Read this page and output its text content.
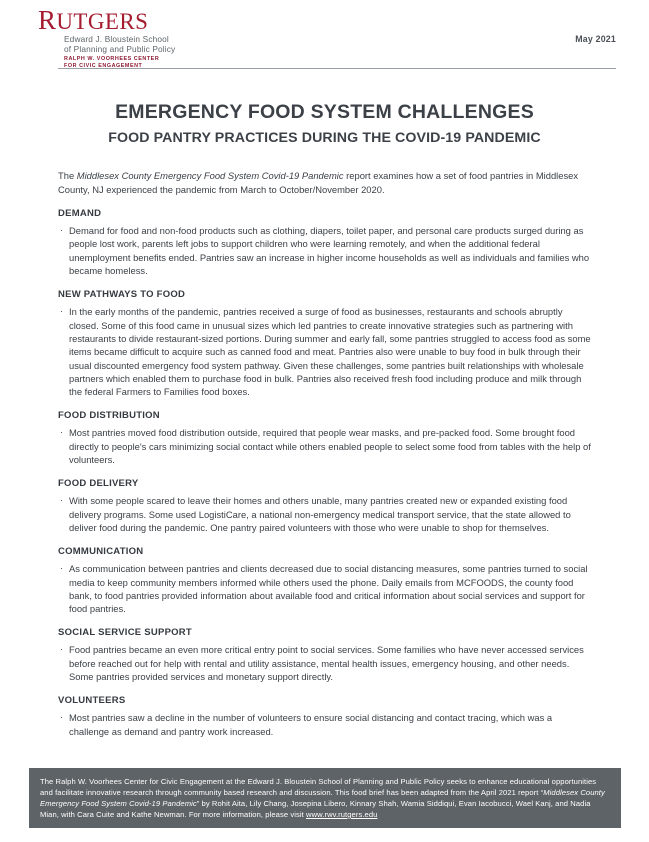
RUTGERS
Edward J. Bloustein School
of Planning and Public Policy
RALPH W. VOORHEES CENTER
FOR CIVIC ENGAGEMENT
May 2021
EMERGENCY FOOD SYSTEM CHALLENGES
FOOD PANTRY PRACTICES DURING THE COVID-19 PANDEMIC

The Middlesex County Emergency Food System Covid-19 Pandemic report examines how a set of food pantries in Middlesex County, NJ experienced the pandemic from March to October/November 2020.

DEMAND
· Demand for food and non-food products such as clothing, diapers, toilet paper, and personal care products surged during as people lost work, parents left jobs to support children who were learning remotely, and when the additional federal unemployment benefits ended. Pantries saw an increase in higher income households as well as individuals and families who became homeless.
NEW PATHWAYS TO FOOD
· In the early months of the pandemic, pantries received a surge of food as businesses, restaurants and schools abruptly closed. Some of this food came in unusual sizes which led pantries to create innovative strategies such as partnering with restaurants to divide restaurant-sized portions. During summer and early fall, some pantries struggled to access food as some items became difficult to acquire such as canned food and meat. Pantries also were unable to buy food in bulk through their usual discounted emergency food system pathway. Given these challenges, some pantries built relationships with wholesale partners which enabled them to purchase food in bulk. Pantries also received fresh food including produce and milk through the federal Farmers to Families food boxes.
FOOD DISTRIBUTION
· Most pantries moved food distribution outside, required that people wear masks, and pre-packed food. Some brought food directly to people's cars minimizing social contact while others enabled people to select some food from tables with the help of volunteers.
FOOD DELIVERY
· With some people scared to leave their homes and others unable, many pantries created new or expanded existing food delivery programs. Some used LogistiCare, a national non-emergency medical transport service, that the state allowed to deliver food during the pandemic. One pantry paired volunteers with those who were unable to shop for themselves.
COMMUNICATION
· As communication between pantries and clients decreased due to social distancing measures, some pantries turned to social media to keep community members informed while others used the phone. Daily emails from MCFOODS, the county food bank, to food pantries provided information about available food and critical information about social services and support for food pantries.
SOCIAL SERVICE SUPPORT
· Food pantries became an even more critical entry point to social services. Some families who have never accessed services before reached out for help with rental and utility assistance, mental health issues, emergency housing, and other needs. Some pantries provided services and monetary support directly.
VOLUNTEERS
· Most pantries saw a decline in the number of volunteers to ensure social distancing and contact tracing, which was a challenge as demand and pantry work increased.
The Ralph W. Voorhees Center for Civic Engagement at the Edward J. Bloustein School of Planning and Public Policy seeks to enhance educational opportunities and facilitate innovative research through community based research and discussion. This food brief has been adapted from the April 2021 report “Middlesex County Emergency Food System Covid-19 Pandemic” by Rohit Aita, Lily Chang, Josepina Libero, Kinnary Shah, Wamia Siddiqui, Evan Iacobucci, Wael Kanj, and Nadia Mian, with Cara Cuite and Kathe Newman. For more information, please visit www.rwv.rutgers.edu
